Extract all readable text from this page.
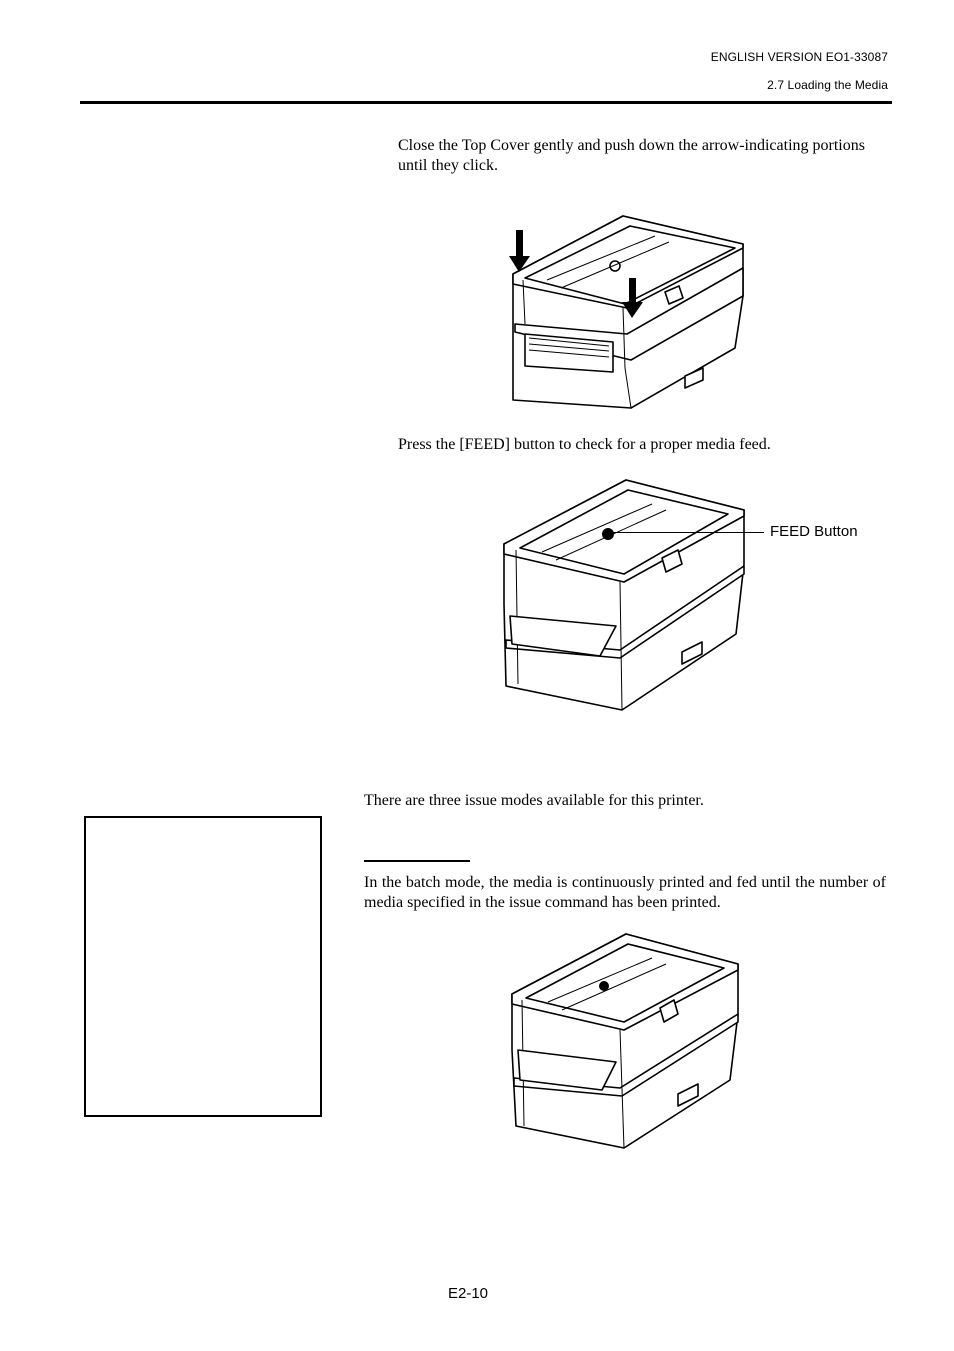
ENGLISH VERSION EO1-33087
2.7 Loading the Media
Close the Top Cover gently and push down the arrow-indicating portions until they click.
Press the [FEED] button to check for a proper media feed.
FEED Button
There are three issue modes available for this printer.
In the batch mode, the media is continuously printed and fed until the number of media specified in the issue command has been printed.
E2-10
